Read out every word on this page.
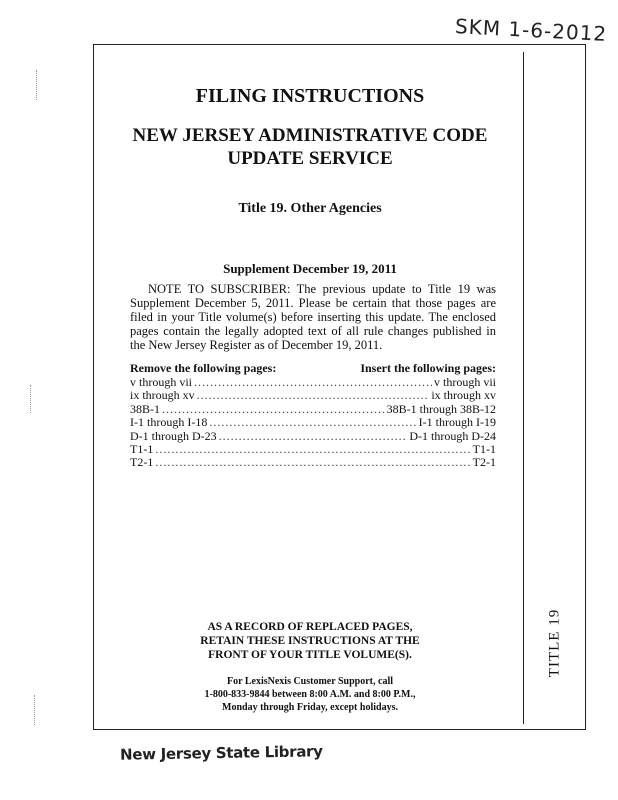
SKM 1-6-2012
TITLE 19
FILING INSTRUCTIONS
NEW JERSEY ADMINISTRATIVE CODE
UPDATE SERVICE
Title 19. Other Agencies
Supplement December 19, 2011

NOTE TO SUBSCRIBER: The previous update to Title 19 was Supplement December 5, 2011. Please be certain that those pages are filed in your Title volume(s) before inserting this update. The enclosed pages contain the legally adopted text of all rule changes published in the New Jersey Register as of December 19, 2011.

Remove the following pages:	Insert the following pages:
v through vii .....	v through vii
ix through xv .....	ix through xv
38B-1 .....	38B-1 through 38B-12
I-1 through I-18 .....	I-1 through I-19
D-1 through D-23 .....	D-1 through D-24
T1-1 .....	T1-1
T2-1 .....	T2-1

AS A RECORD OF REPLACED PAGES,
RETAIN THESE INSTRUCTIONS AT THE
FRONT OF YOUR TITLE VOLUME(S).

For LexisNexis Customer Support, call
1-800-833-9844 between 8:00 A.M. and 8:00 P.M.,
Monday through Friday, except holidays.

New Jersey State Library
